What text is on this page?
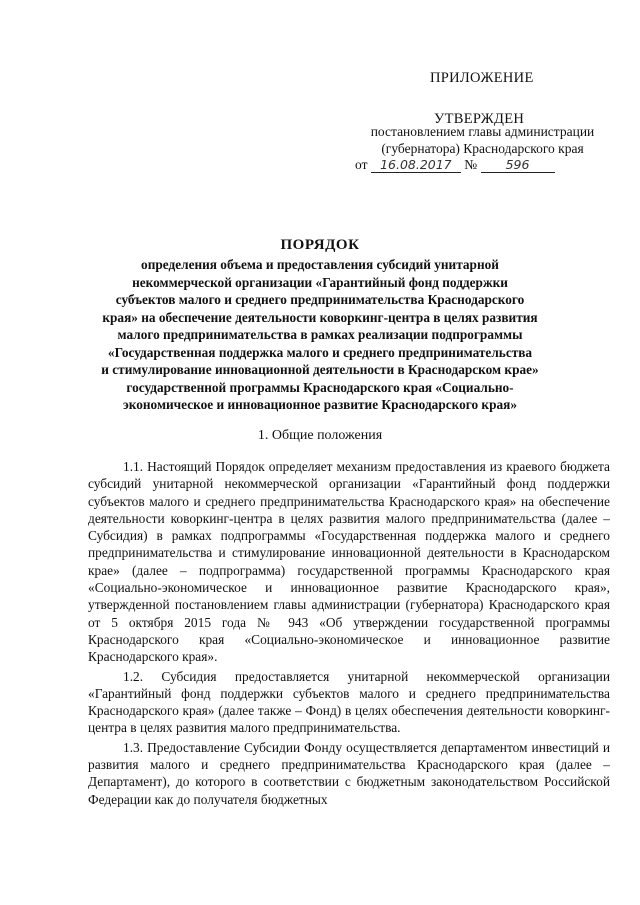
ПРИЛОЖЕНИЕ
УТВЕРЖДЕН
постановлением главы администрации
(губернатора) Краснодарского края
от 16.08.2017 № 596
ПОРЯДОК
определения объема и предоставления субсидий унитарной
некоммерческой организации «Гарантийный фонд поддержки
субъектов малого и среднего предпринимательства Краснодарского
края» на обеспечение деятельности коворкинг-центра в целях развития
малого предпринимательства в рамках реализации подпрограммы
«Государственная поддержка малого и среднего предпринимательства
и стимулирование инновационной деятельности в Краснодарском крае»
государственной программы Краснодарского края «Социально-
экономическое и инновационное развитие Краснодарского края»
1. Общие положения

1.1. Настоящий Порядок определяет механизм предоставления из краевого бюджета субсидий унитарной некоммерческой организации «Гарантийный фонд поддержки субъектов малого и среднего предпринимательства Краснодарского края» на обеспечение деятельности коворкинг-центра в целях развития малого предпринимательства (далее – Субсидия) в рамках подпрограммы «Государственная поддержка малого и среднего предпринимательства и стимулирование инновационной деятельности в Краснодарском крае» (далее – подпрограмма) государственной программы Краснодарского края «Социально-экономическое и инновационное развитие Краснодарского края», утвержденной постановлением главы администрации (губернатора) Краснодарского края от 5 октября 2015 года № 943 «Об утверждении государственной программы Краснодарского края «Социально-экономическое и инновационное развитие Краснодарского края».

1.2. Субсидия предоставляется унитарной некоммерческой организации «Гарантийный фонд поддержки субъектов малого и среднего предпринимательства Краснодарского края» (далее также – Фонд) в целях обеспечения деятельности коворкинг-центра в целях развития малого предпринимательства.

1.3. Предоставление Субсидии Фонду осуществляется департаментом инвестиций и развития малого и среднего предпринимательства Краснодарского края (далее – Департамент), до которого в соответствии с бюджетным законодательством Российской Федерации как до получателя бюджетных
